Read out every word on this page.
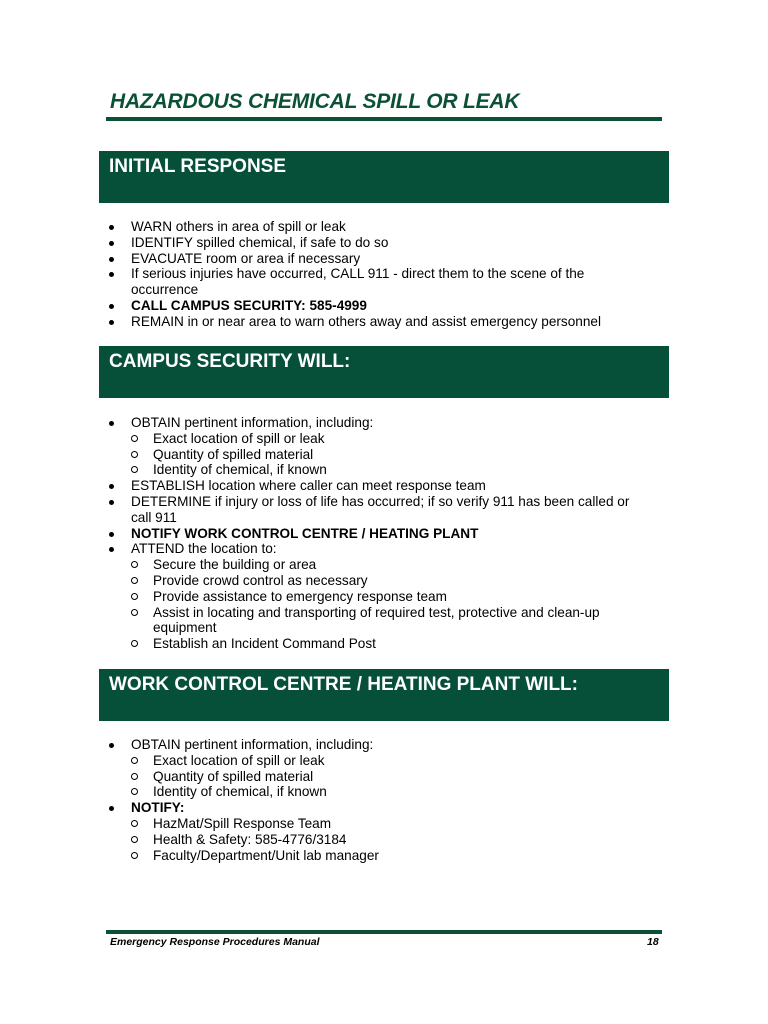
HAZARDOUS CHEMICAL SPILL OR LEAK
INITIAL RESPONSE
WARN others in area of spill or leak
IDENTIFY spilled chemical, if safe to do so
EVACUATE room or area if necessary
If serious injuries have occurred, CALL 911 - direct them to the scene of the occurrence
CALL CAMPUS SECURITY: 585-4999
REMAIN in or near area to warn others away and assist emergency personnel
CAMPUS SECURITY WILL:
OBTAIN pertinent information, including:
Exact location of spill or leak
Quantity of spilled material
Identity of chemical, if known
ESTABLISH location where caller can meet response team
DETERMINE if injury or loss of life has occurred; if so verify 911 has been called or call 911
NOTIFY WORK CONTROL CENTRE / HEATING PLANT
ATTEND the location to:
Secure the building or area
Provide crowd control as necessary
Provide assistance to emergency response team
Assist in locating and transporting of required test, protective and clean-up equipment
Establish an Incident Command Post
WORK CONTROL CENTRE / HEATING PLANT WILL:
OBTAIN pertinent information, including:
Exact location of spill or leak
Quantity of spilled material
Identity of chemical, if known
NOTIFY:
HazMat/Spill Response Team
Health & Safety: 585-4776/3184
Faculty/Department/Unit lab manager
Emergency Response Procedures Manual	18
